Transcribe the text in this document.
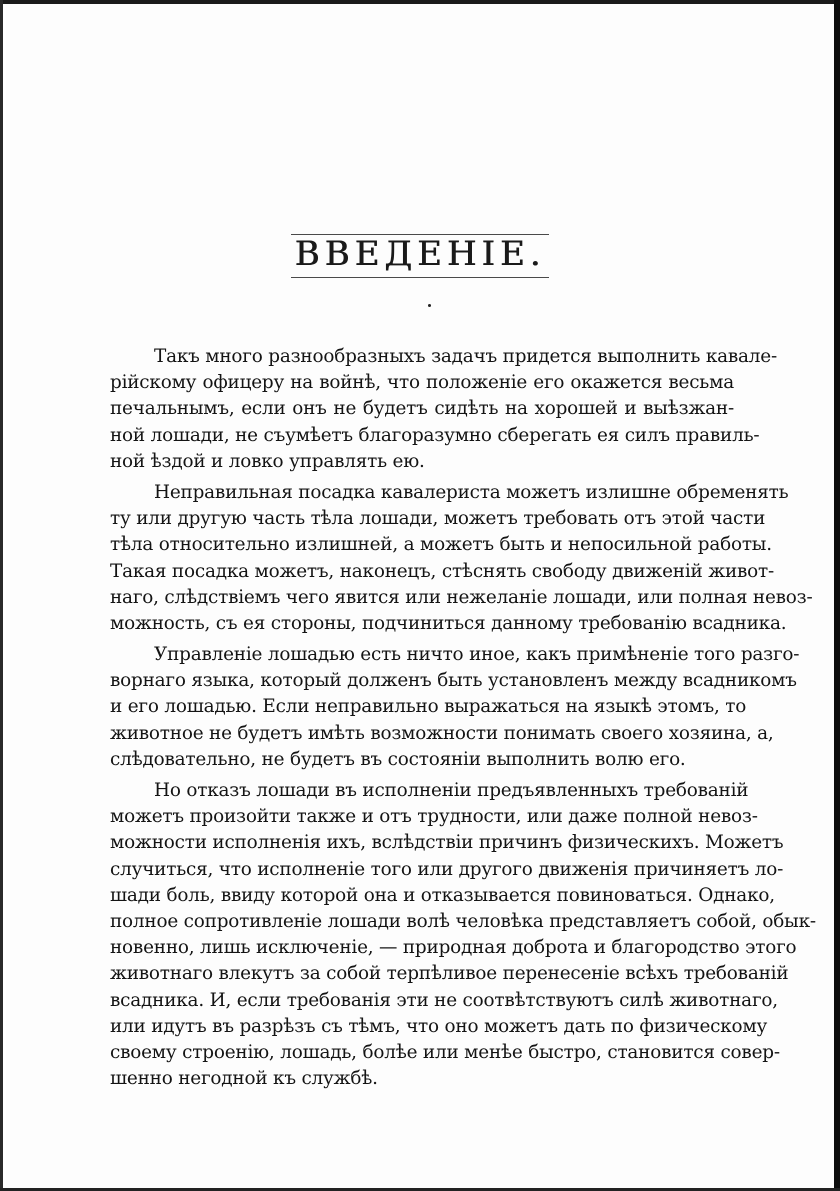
ВВЕДЕНІЕ.
Такъ много разнообразныхъ задачъ придется выполнить кавале-
рійскому офицеру на войнѣ, что положеніе его окажется весьма
печальнымъ, если онъ не будетъ сидѣть на хорошей и выѣзжан-
ной лошади, не съумѣетъ благоразумно сберегать ея силъ правиль-
ной ѣздой и ловко управлять ею.
Неправильная посадка кавалериста можетъ излишне обременять
ту или другую часть тѣла лошади, можетъ требовать отъ этой части
тѣла относительно излишней, а можетъ быть и непосильной работы.
Такая посадка можетъ, наконецъ, стѣснять свободу движеній живот-
наго, слѣдствіемъ чего явится или нежеланіе лошади, или полная невоз-
можность, съ ея стороны, подчиниться данному требованію всадника.
Управленіе лошадью есть ничто иное, какъ примѣненіе того разго-
ворнаго языка, который долженъ быть установленъ между всадникомъ
и его лошадью. Если неправильно выражаться на языкѣ этомъ, то
животное не будетъ имѣть возможности понимать своего хозяина, а,
слѣдовательно, не будетъ въ состояніи выполнить волю его.
Но отказъ лошади въ исполненіи предъявленныхъ требованій
можетъ произойти также и отъ трудности, или даже полной невоз-
можности исполненія ихъ, вслѣдствіи причинъ физическихъ. Можетъ
случиться, что исполненіе того или другого движенія причиняетъ ло-
шади боль, ввиду которой она и отказывается повиноваться. Однако,
полное сопротивленіе лошади волѣ человѣка представляетъ собой, обык-
новенно, лишь исключеніе, — природная доброта и благородство этого
животнаго влекутъ за собой терпѣливое перенесеніе всѣхъ требованій
всадника. И, если требованія эти не соотвѣтствуютъ силѣ животнаго,
или идутъ въ разрѣзъ съ тѣмъ, что оно можетъ дать по физическому
своему строенію, лошадь, болѣе или менѣе быстро, становится совер-
шенно негодной къ службѣ.
